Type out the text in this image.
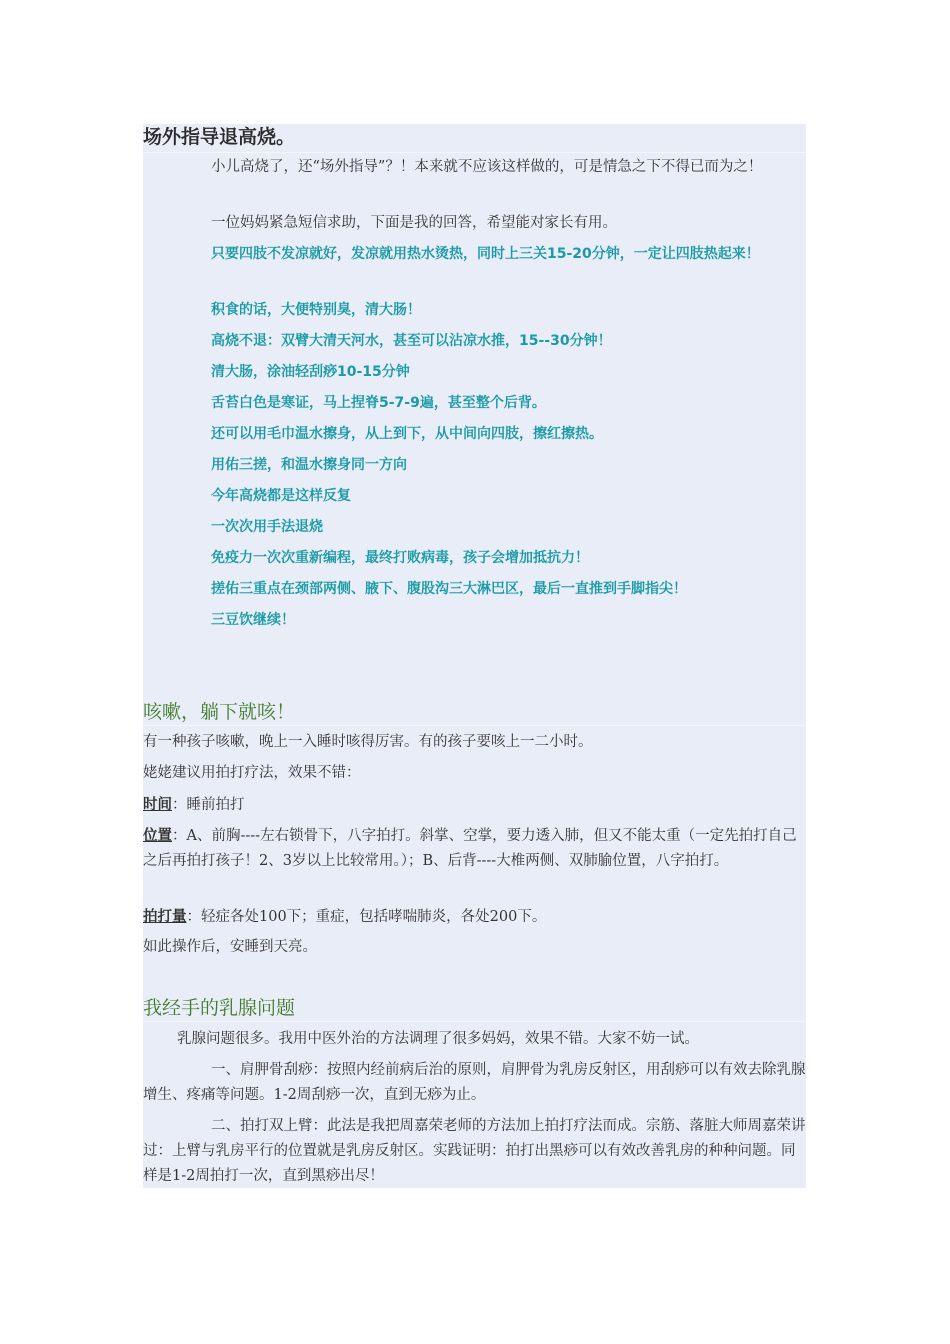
场外指导退高烧。

小儿高烧了，还“场外指导”？！本来就不应该这样做的，可是情急之下不得已而为之！

一位妈妈紧急短信求助，下面是我的回答，希望能对家长有用。

只要四肢不发凉就好，发凉就用热水烫热，同时上三关15-20分钟，一定让四肢热起来！

积食的话，大便特别臭，清大肠！

高烧不退：双臂大清天河水，甚至可以沾凉水推，15--30分钟！

清大肠，涂油轻刮痧10-15分钟

舌苔白色是寒证，马上捏脊5-7-9遍，甚至整个后背。

还可以用毛巾温水擦身，从上到下，从中间向四肢，擦红擦热。

用佑三搓，和温水擦身同一方向

今年高烧都是这样反复

一次次用手法退烧

免疫力一次次重新编程，最终打败病毒，孩子会增加抵抗力！

搓佑三重点在颈部两侧、腋下、腹股沟三大淋巴区，最后一直推到手脚指尖！

三豆饮继续！

咳嗽，躺下就咳！

有一种孩子咳嗽，晚上一入睡时咳得厉害。有的孩子要咳上一二小时。

姥姥建议用拍打疗法，效果不错：

时间：睡前拍打

位置：A、前胸----左右锁骨下，八字拍打。斜掌、空掌，要力透入肺，但又不能太重（一定先拍打自己之后再拍打孩子！2、3岁以上比较常用。）；B、后背----大椎两侧、双肺腧位置，八字拍打。

拍打量：轻症各处100下；重症，包括哮喘肺炎，各处200下。

如此操作后，安睡到天亮。

我经手的乳腺问题

乳腺问题很多。我用中医外治的方法调理了很多妈妈，效果不错。大家不妨一试。

一、肩胛骨刮痧：按照内经前病后治的原则，肩胛骨为乳房反射区，用刮痧可以有效去除乳腺增生、疼痛等问题。1-2周刮痧一次，直到无痧为止。

二、拍打双上臂：此法是我把周嘉荣老师的方法加上拍打疗法而成。宗筋、落脏大师周嘉荣讲过：上臂与乳房平行的位置就是乳房反射区。实践证明：拍打出黑痧可以有效改善乳房的种种问题。同样是1-2周拍打一次，直到黑痧出尽！
